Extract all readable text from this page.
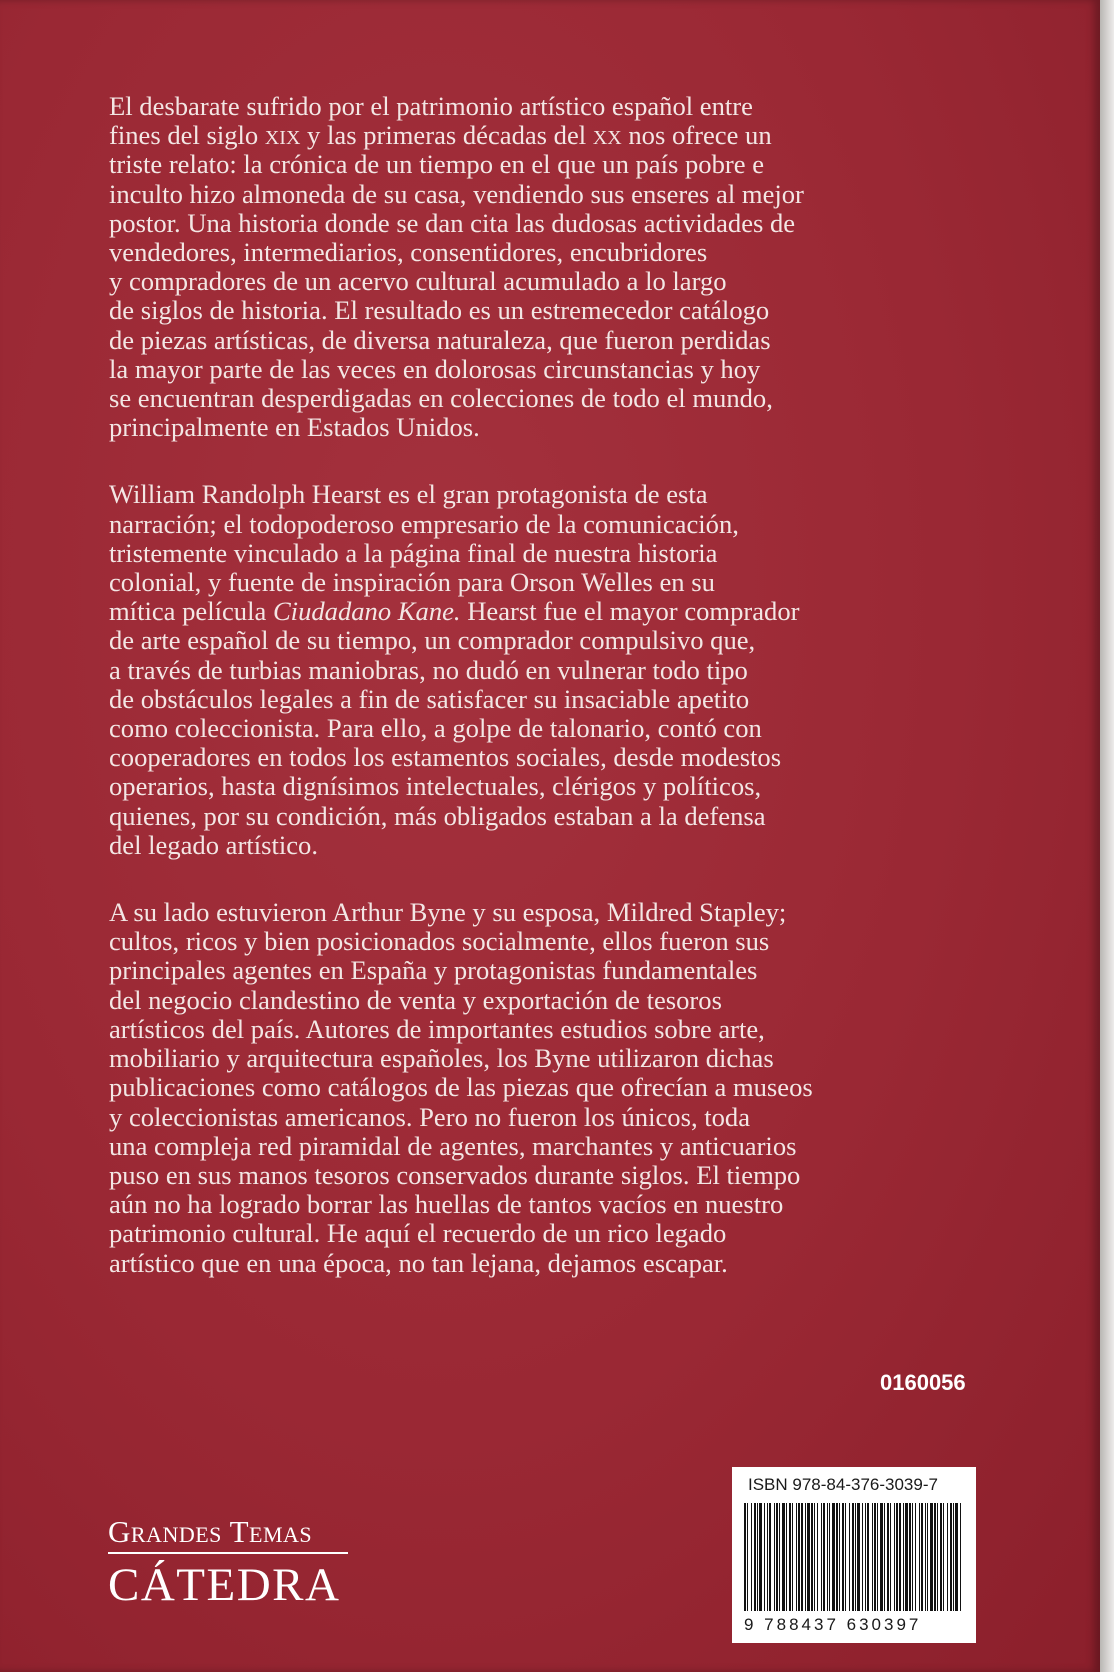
El desbarate sufrido por el patrimonio artístico español entre
fines del siglo xix y las primeras décadas del xx nos ofrece un
triste relato: la crónica de un tiempo en el que un país pobre e
inculto hizo almoneda de su casa, vendiendo sus enseres al mejor
postor. Una historia donde se dan cita las dudosas actividades de
vendedores, intermediarios, consentidores, encubridores
y compradores de un acervo cultural acumulado a lo largo
de siglos de historia. El resultado es un estremecedor catálogo
de piezas artísticas, de diversa naturaleza, que fueron perdidas
la mayor parte de las veces en dolorosas circunstancias y hoy
se encuentran desperdigadas en colecciones de todo el mundo,
principalmente en Estados Unidos.

William Randolph Hearst es el gran protagonista de esta
narración; el todopoderoso empresario de la comunicación,
tristemente vinculado a la página final de nuestra historia
colonial, y fuente de inspiración para Orson Welles en su
mítica película Ciudadano Kane. Hearst fue el mayor comprador
de arte español de su tiempo, un comprador compulsivo que,
a través de turbias maniobras, no dudó en vulnerar todo tipo
de obstáculos legales a fin de satisfacer su insaciable apetito
como coleccionista. Para ello, a golpe de talonario, contó con
cooperadores en todos los estamentos sociales, desde modestos
operarios, hasta dignísimos intelectuales, clérigos y políticos,
quienes, por su condición, más obligados estaban a la defensa
del legado artístico.

A su lado estuvieron Arthur Byne y su esposa, Mildred Stapley;
cultos, ricos y bien posicionados socialmente, ellos fueron sus
principales agentes en España y protagonistas fundamentales
del negocio clandestino de venta y exportación de tesoros
artísticos del país. Autores de importantes estudios sobre arte,
mobiliario y arquitectura españoles, los Byne utilizaron dichas
publicaciones como catálogos de las piezas que ofrecían a museos
y coleccionistas americanos. Pero no fueron los únicos, toda
una compleja red piramidal de agentes, marchantes y anticuarios
puso en sus manos tesoros conservados durante siglos. El tiempo
aún no ha logrado borrar las huellas de tantos vacíos en nuestro
patrimonio cultural. He aquí el recuerdo de un rico legado
artístico que en una época, no tan lejana, dejamos escapar.

0160056
Grandes Temas
CÁTEDRA
ISBN 978-84-376-3039-7
9 788437 630397
